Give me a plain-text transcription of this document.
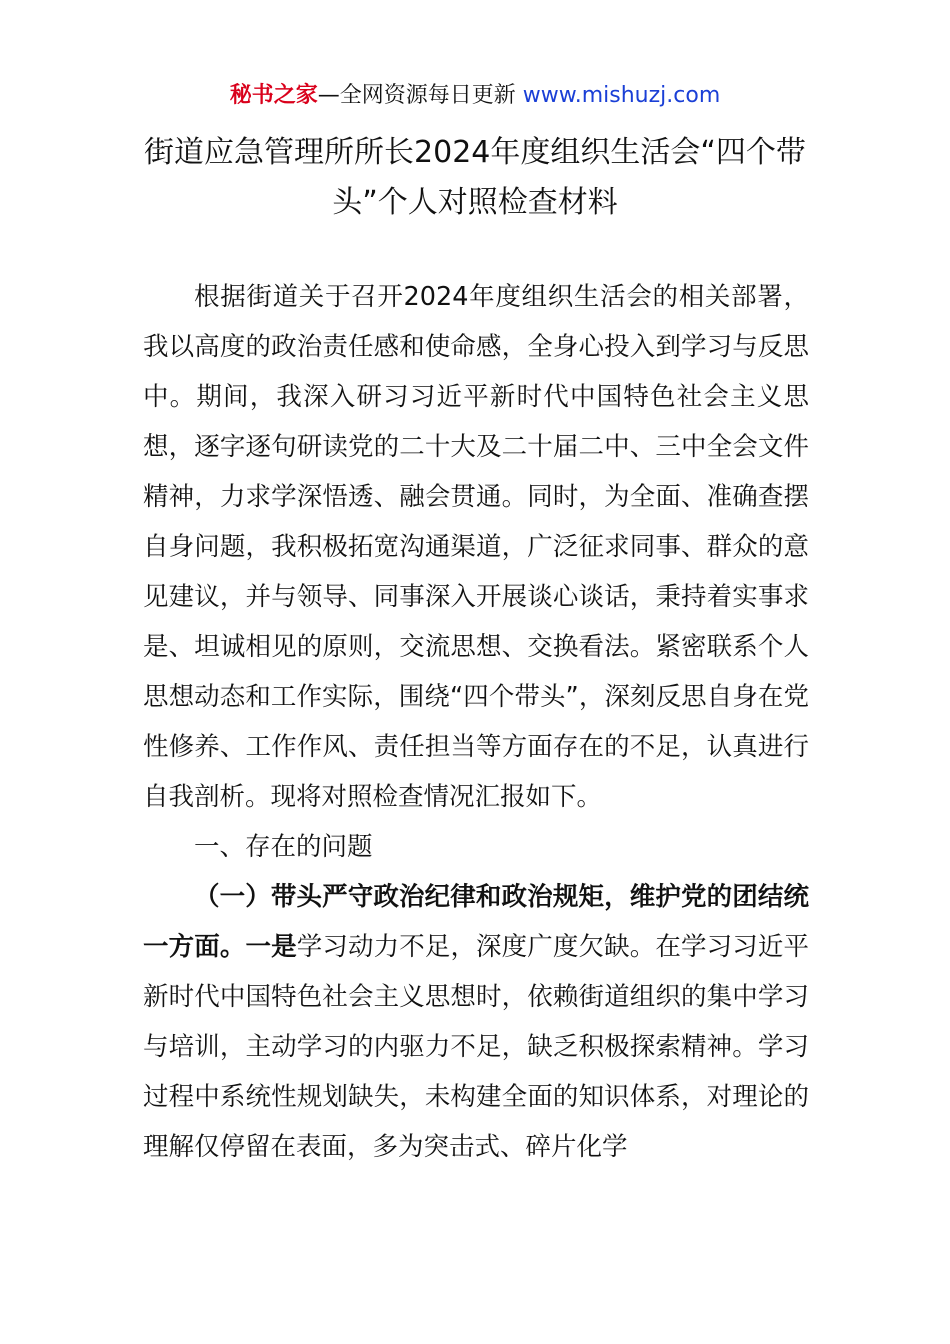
秘书之家—全网资源每日更新 www.mishuzj.com
街道应急管理所所长2024年度组织生活会“四个带头”个人对照检查材料

根据街道关于召开2024年度组织生活会的相关部署，我以高度的政治责任感和使命感，全身心投入到学习与反思中。期间，我深入研习习近平新时代中国特色社会主义思想，逐字逐句研读党的二十大及二十届二中、三中全会文件精神，力求学深悟透、融会贯通。同时，为全面、准确查摆自身问题，我积极拓宽沟通渠道，广泛征求同事、群众的意见建议，并与领导、同事深入开展谈心谈话，秉持着实事求是、坦诚相见的原则，交流思想、交换看法。紧密联系个人思想动态和工作实际，围绕“四个带头”，深刻反思自身在党性修养、工作作风、责任担当等方面存在的不足，认真进行自我剖析。现将对照检查情况汇报如下。

一、存在的问题

（一）带头严守政治纪律和政治规矩，维护党的团结统一方面。一是学习动力不足，深度广度欠缺。在学习习近平新时代中国特色社会主义思想时，依赖街道组织的集中学习与培训，主动学习的内驱力不足，缺乏积极探索精神。学习过程中系统性规划缺失，未构建全面的知识体系，对理论的理解仅停留在表面，多为突击式、碎片化学
